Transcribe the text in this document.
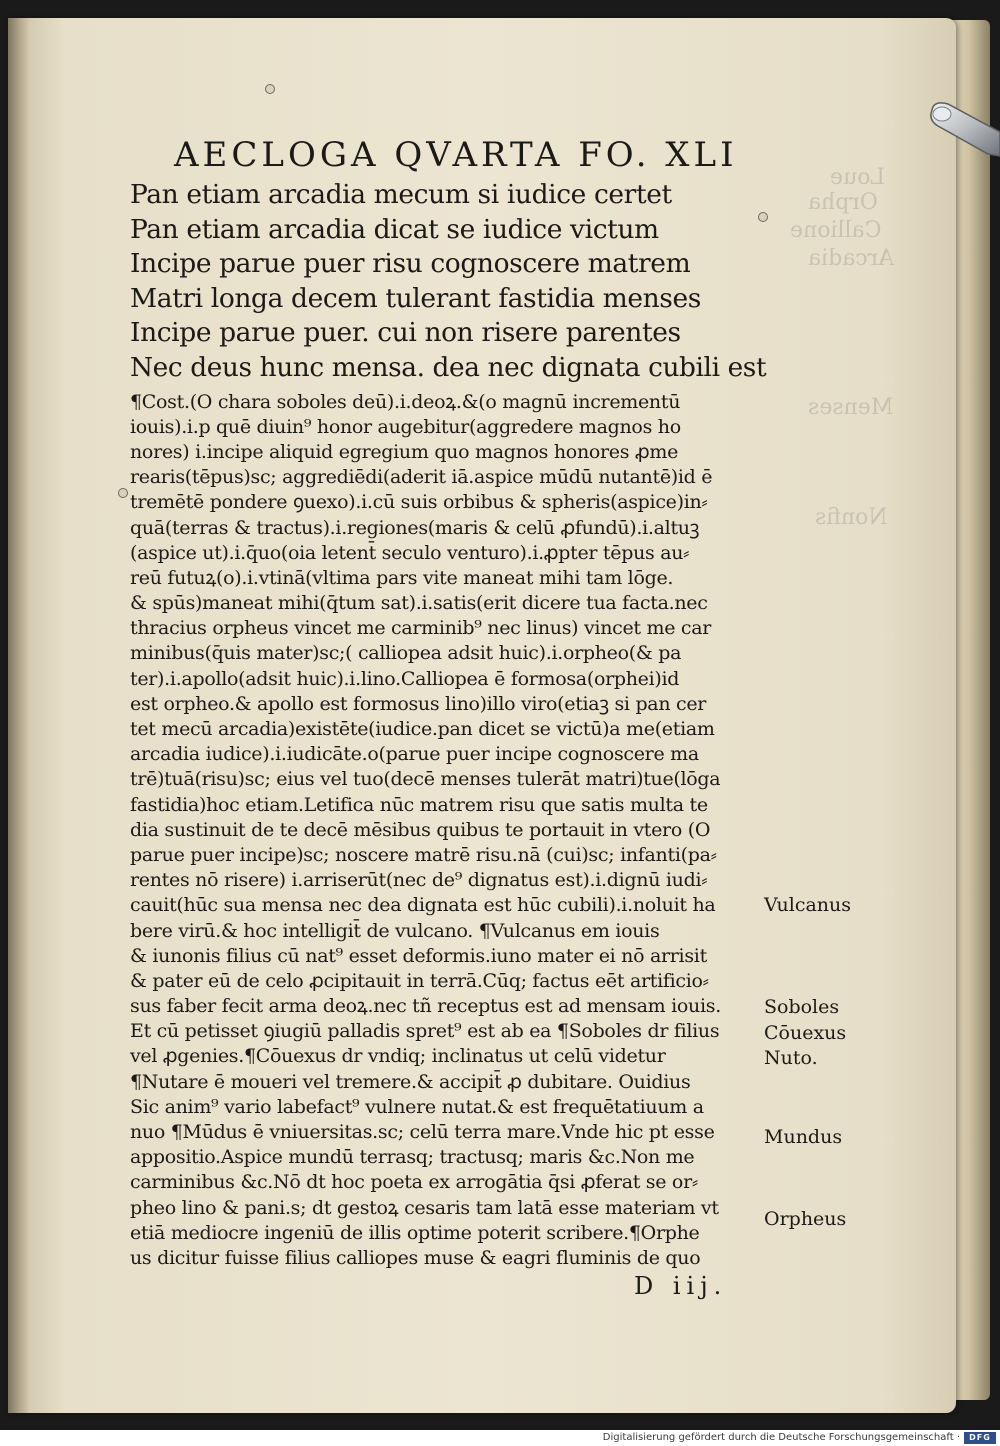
Loue
Orpha
Callione
Arcadia
Menses
Nonfis
AECLOGA QVARTA FO. XLI
Pan etiam arcadia mecum si iudice certet
Pan etiam arcadia dicat se iudice victum
Incipe parue puer risu cognoscere matrem
Matri longa decem tulerant fastidia menses
Incipe parue puer. cui non risere parentes
Nec deus hunc mensa. dea nec dignata cubili est
¶Cost.(O chara soboles deū).i.deoꝝ.&(o magnū incrementū
iouis).i.p quē diuin⁹ honor augebitur(aggredere magnos ho
nores) i.incipe aliquid egregium quo magnos honores ꝓme
rearis(tēpus)sc; aggrediēdi(aderit iā.aspice mūdū nutantē)id ē
tremētē pondere ꝯuexo).i.cū suis orbibus & spheris(aspice)in⸗
quā(terras & tractus).i.regiones(maris & celū ꝓfundū).i.altuꝫ
(aspice ut).i.q̄uo(oia letent̄ seculo venturo).i.ꝓpter tēpus au⸗
reū futuꝝ(o).i.vtinā(vltima pars vite maneat mihi tam lōge.
& spūs)maneat mihi(q̄tum sat).i.satis(erit dicere tua facta.nec
thracius orpheus vincet me carminib⁹ nec linus) vincet me car
minibus(q̄uis mater)sc;( calliopea adsit huic).i.orpheo(& pa
ter).i.apollo(adsit huic).i.lino.Calliopea ē formosa(orphei)id
est orpheo.& apollo est formosus lino)illo viro(etiaꝫ si pan cer
tet mecū arcadia)existēte(iudice.pan dicet se victū)a me(etiam
arcadia iudice).i.iudicāte.o(parue puer incipe cognoscere ma
trē)tuā(risu)sc; eius vel tuo(decē menses tulerāt matri)tue(lōga
fastidia)hoc etiam.Letifica nūc matrem risu que satis multa te
dia sustinuit de te decē mēsibus quibus te portauit in vtero (O
parue puer incipe)sc; noscere matrē risu.nā (cui)sc; infanti(pa⸗
rentes nō risere) i.arriserūt(nec de⁹ dignatus est).i.dignū iudi⸗
cauit(hūc sua mensa nec dea dignata est hūc cubili).i.noluit ha
bere virū.& hoc intelligit̄ de vulcano. ¶Vulcanus em iouis
& iunonis filius cū nat⁹ esset deformis.iuno mater ei nō arrisit
& pater eū de celo ꝓcipitauit in terrā.Cūq; factus eēt artificio⸗
sus faber fecit arma deoꝝ.nec tñ receptus est ad mensam iouis.
Et cū petisset ꝯiugiū palladis spret⁹ est ab ea ¶Soboles dr filius
vel ꝓgenies.¶Cōuexus dr vndiq; inclinatus ut celū videtur
¶Nutare ē moueri vel tremere.& accipit̄ ꝓ dubitare. Ouidius
Sic anim⁹ vario labefact⁹ vulnere nutat.& est frequētatiuum a
nuo ¶Mūdus ē vniuersitas.sc; celū terra mare.Vnde hic pt esse
appositio.Aspice mundū terrasq; tractusq; maris &c.Non me
carminibus &c.Nō dt hoc poeta ex arrogātia q̄si ꝓferat se or⸗
pheo lino & pani.s; dt gestoꝝ cesaris tam latā esse materiam vt
etiā mediocre ingeniū de illis optime poterit scribere.¶Orphe
us dicitur fuisse filius calliopes muse & eagri fluminis de quo
D iij.
Vulcanus
Soboles
Cōuexus
Nuto.
Mundus
Orpheus
Digitalisierung gefördert durch die Deutsche Forschungsgemeinschaft ·	DFG
